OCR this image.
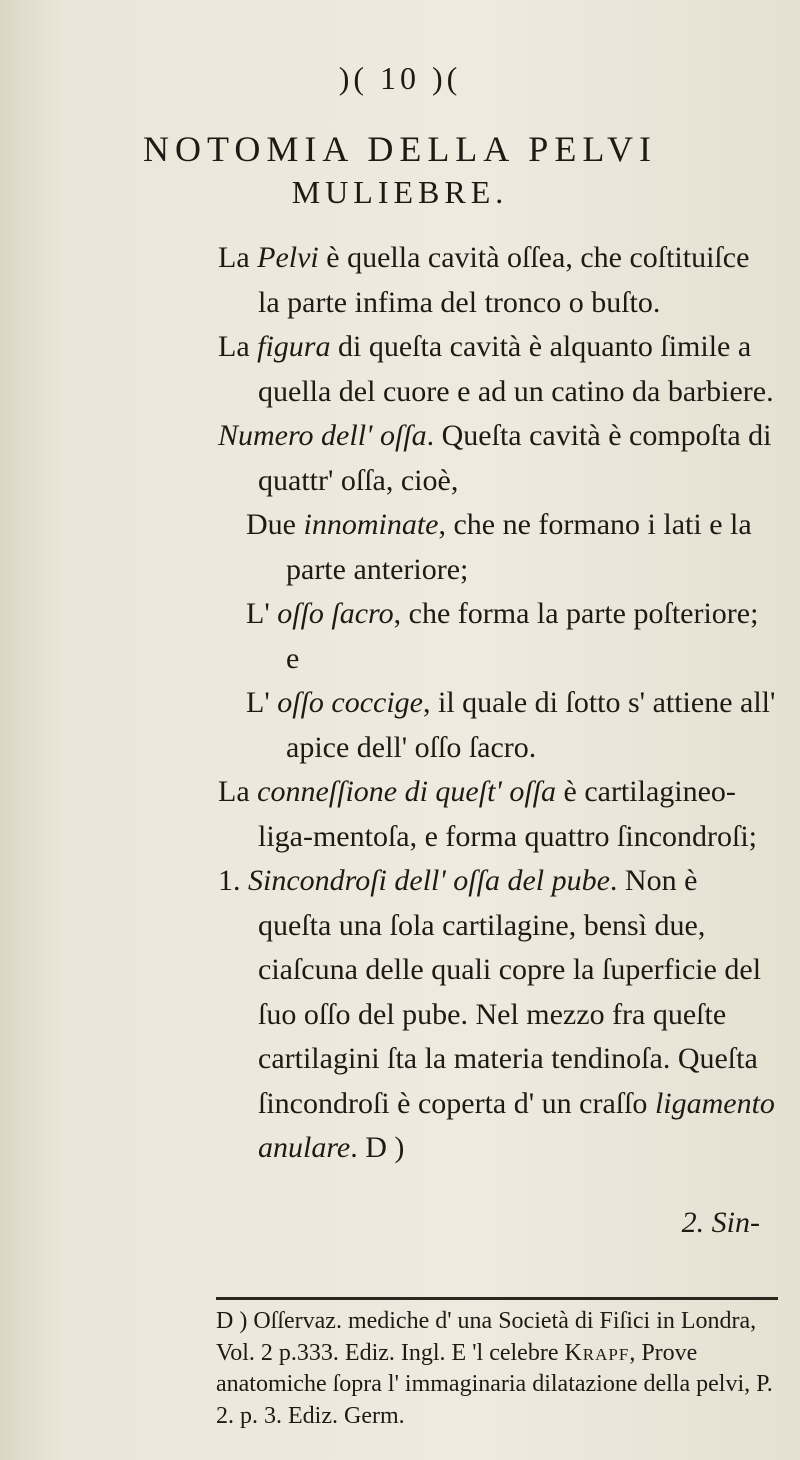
)( 10 )(
NOTOMIA DELLA PELVI
MULIEBRE.

La Pelvi è quella cavità oſſea, che coſtituiſce la parte infima del tronco o buſto.

La figura di queſta cavità è alquanto ſimile a quella del cuore e ad un catino da barbiere.

Numero dell' oſſa. Queſta cavità è compoſta di quattr' oſſa, cioè,

Due innominate, che ne formano i lati e la parte anteriore;

L' oſſo ſacro, che forma la parte poſteriore; e

L' oſſo coccige, il quale di ſotto s' attiene all' apice dell' oſſo ſacro.

La conneſſione di queſt' oſſa è cartilagineo-liga-mentoſa, e forma quattro ſincondroſi;

1. Sincondroſi dell' oſſa del pube. Non è queſta una ſola cartilagine, bensì due, ciaſcuna delle quali copre la ſuperficie del ſuo oſſo del pube. Nel mezzo fra queſte cartilagini ſta la materia tendinoſa. Queſta ſincondroſi è coperta d' un craſſo ligamento anulare. D )

2. Sin-

D ) Oſſervaz. mediche d' una Società di Fiſici in Londra, Vol. 2 p.333. Ediz. Ingl. E 'l celebre Krapf, Prove anatomiche ſopra l' immaginaria dilatazione della pelvi, P. 2. p. 3. Ediz. Germ.
